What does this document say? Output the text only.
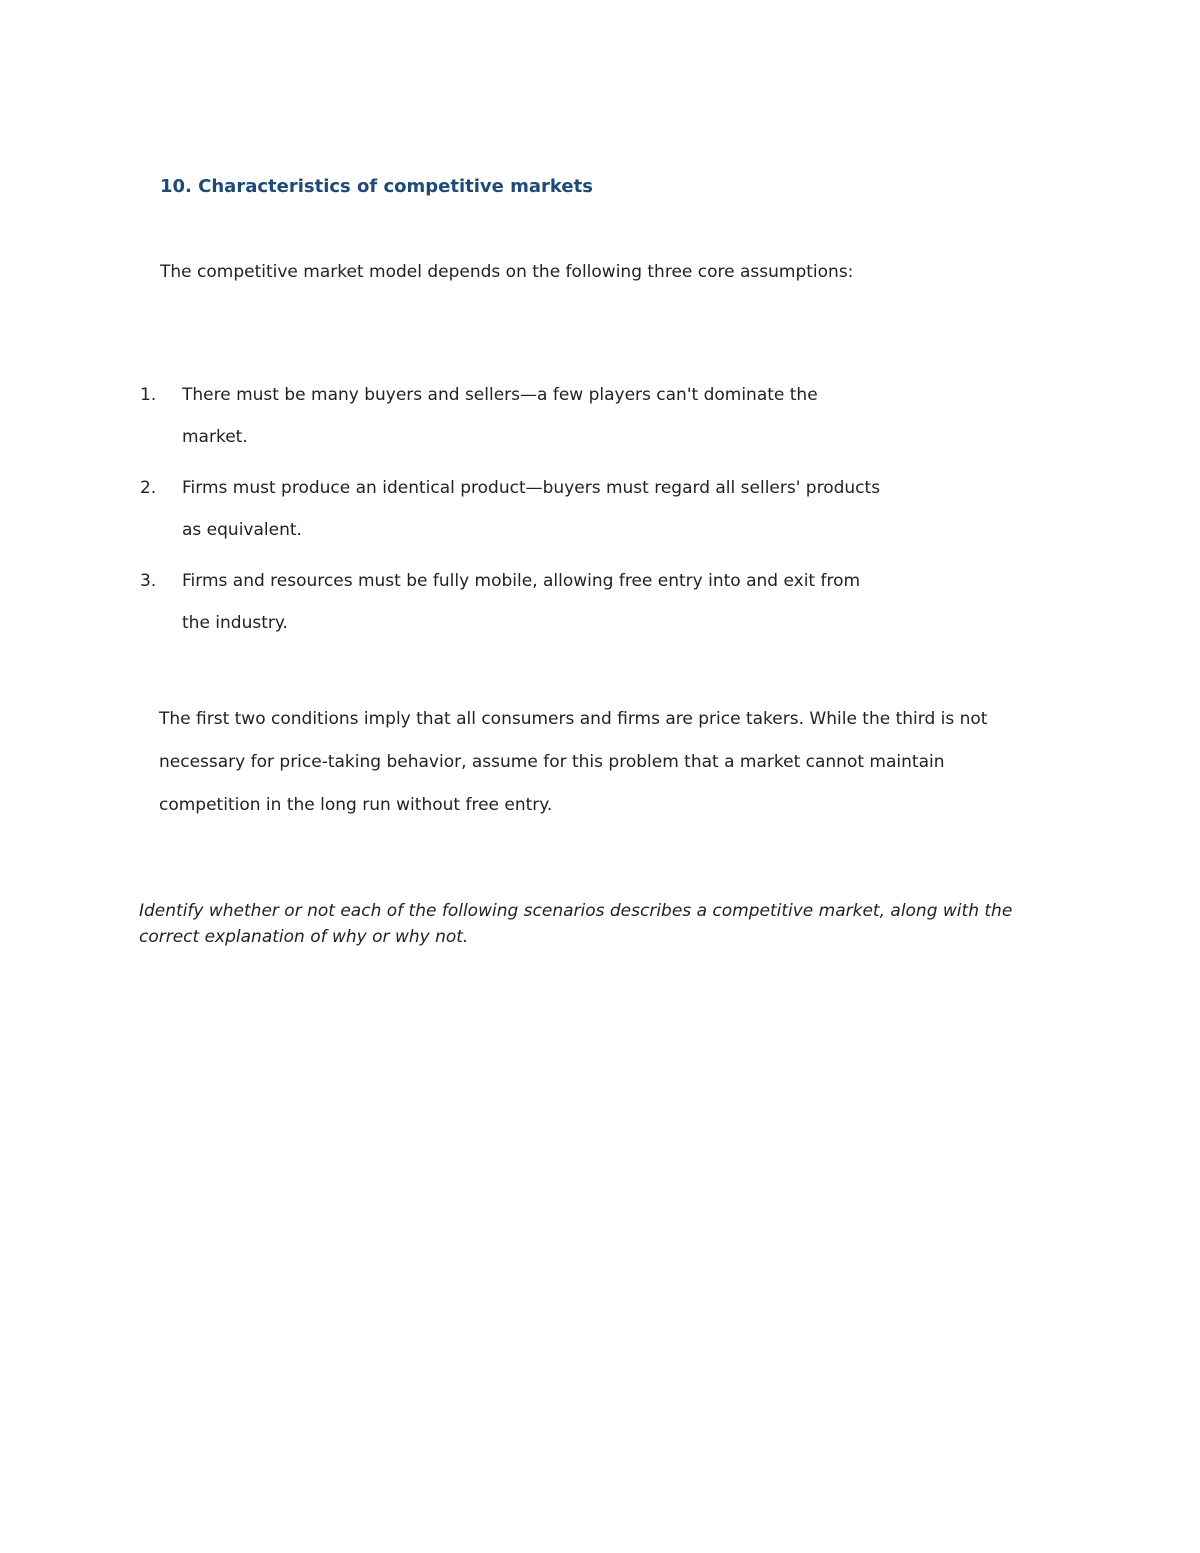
10. Characteristics of competitive markets

The competitive market model depends on the following three core assumptions:

1.	There must be many buyers and sellers—a few players can't dominate the
market.
2.	Firms must produce an identical product—buyers must regard all sellers' products
as equivalent.
3.	Firms and resources must be fully mobile, allowing free entry into and exit from
the industry.

The first two conditions imply that all consumers and firms are price takers. While the third is not
necessary for price-taking behavior, assume for this problem that a market cannot maintain
competition in the long run without free entry.

Identify whether or not each of the following scenarios describes a competitive market, along with the
correct explanation of why or why not.
